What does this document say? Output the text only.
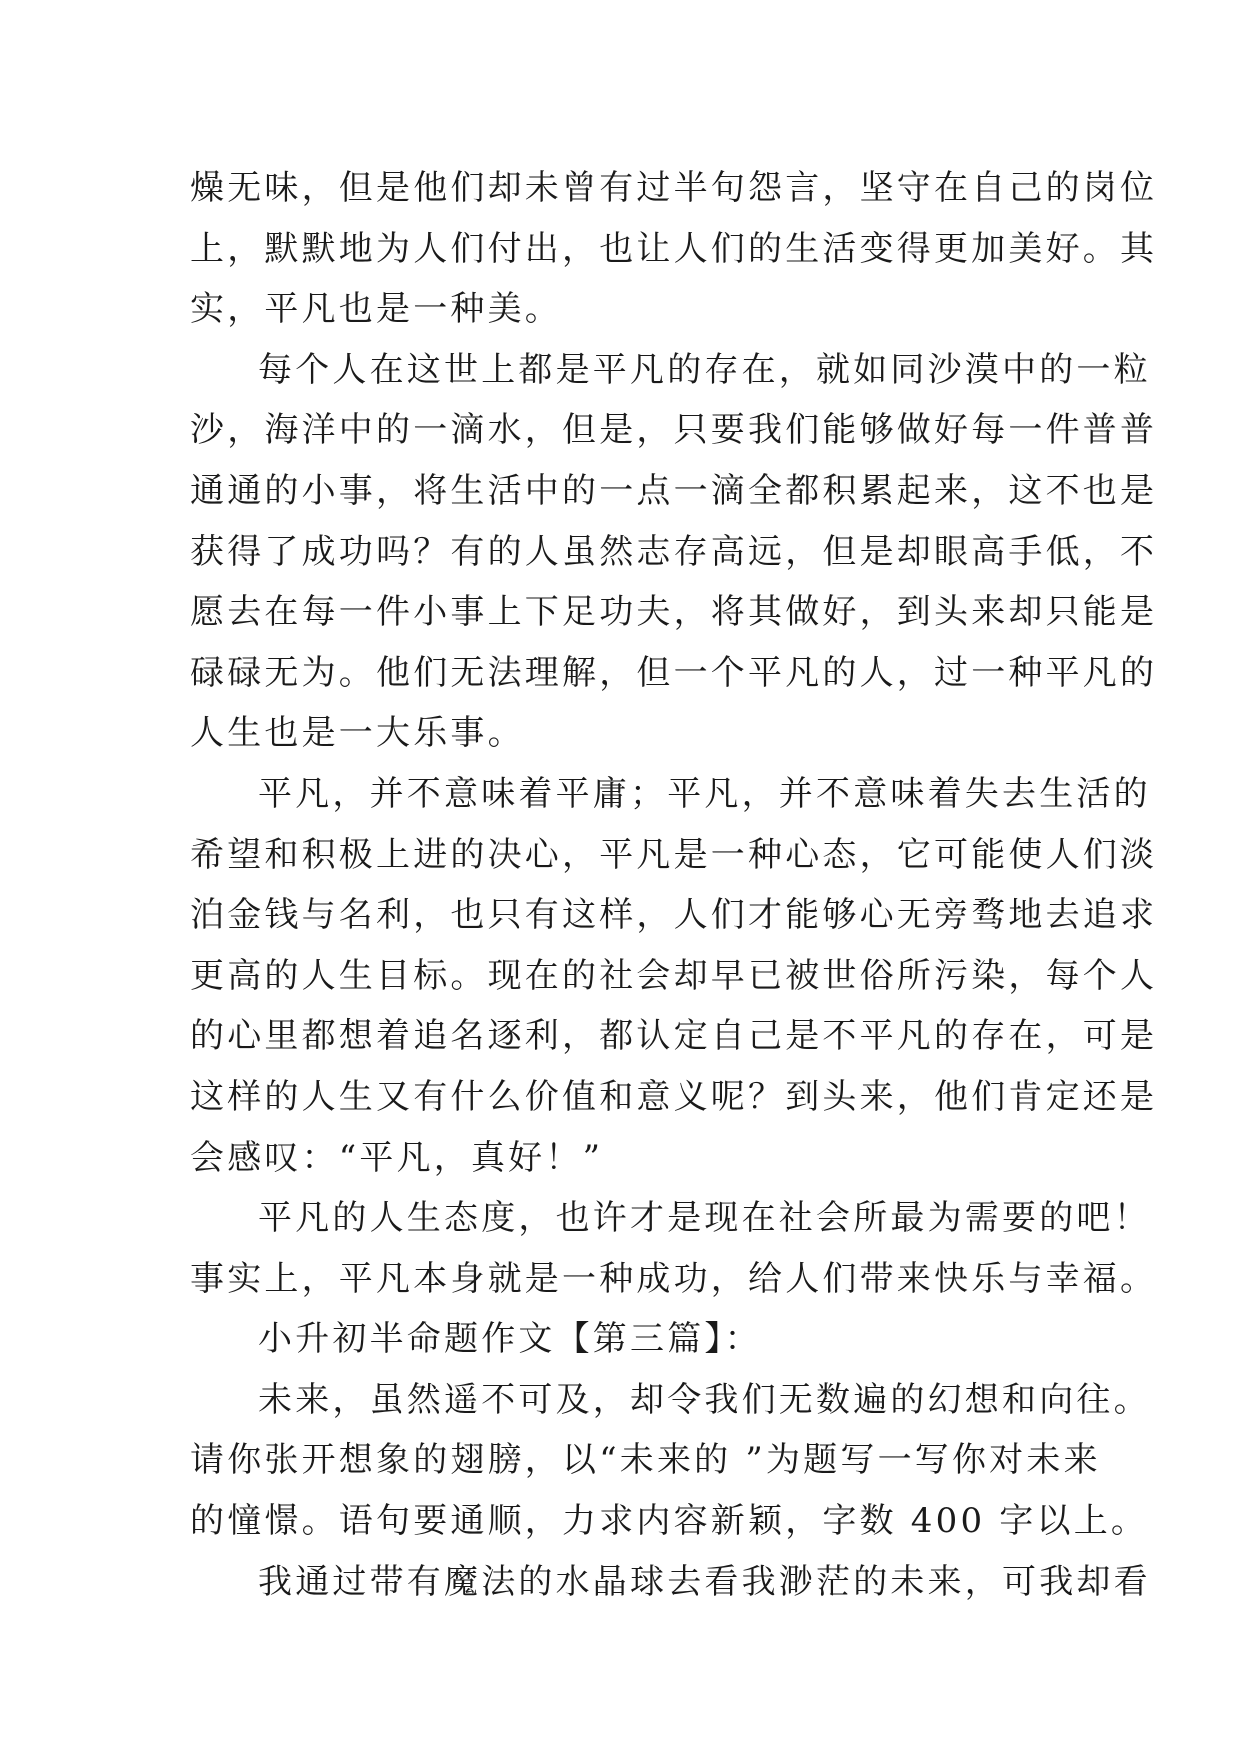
燥无味，但是他们却未曾有过半句怨言，坚守在自己的岗位
上，默默地为人们付出，也让人们的生活变得更加美好。其
实，平凡也是一种美。
每个人在这世上都是平凡的存在，就如同沙漠中的一粒
沙，海洋中的一滴水，但是，只要我们能够做好每一件普普
通通的小事，将生活中的一点一滴全都积累起来，这不也是
获得了成功吗？有的人虽然志存高远，但是却眼高手低，不
愿去在每一件小事上下足功夫，将其做好，到头来却只能是
碌碌无为。他们无法理解，但一个平凡的人，过一种平凡的
人生也是一大乐事。
平凡，并不意味着平庸；平凡，并不意味着失去生活的
希望和积极上进的决心，平凡是一种心态，它可能使人们淡
泊金钱与名利，也只有这样，人们才能够心无旁骛地去追求
更高的人生目标。现在的社会却早已被世俗所污染，每个人
的心里都想着追名逐利，都认定自己是不平凡的存在，可是
这样的人生又有什么价值和意义呢？到头来，他们肯定还是
会感叹：“平凡，真好！”
平凡的人生态度，也许才是现在社会所最为需要的吧！
事实上，平凡本身就是一种成功，给人们带来快乐与幸福。
小升初半命题作文【第三篇】：
未来，虽然遥不可及，却令我们无数遍的幻想和向往。
请你张开想象的翅膀，以“未来的 ”为题写一写你对未来
的憧憬。语句要通顺，力求内容新颖，字数 400 字以上。
我通过带有魔法的水晶球去看我渺茫的未来，可我却看
